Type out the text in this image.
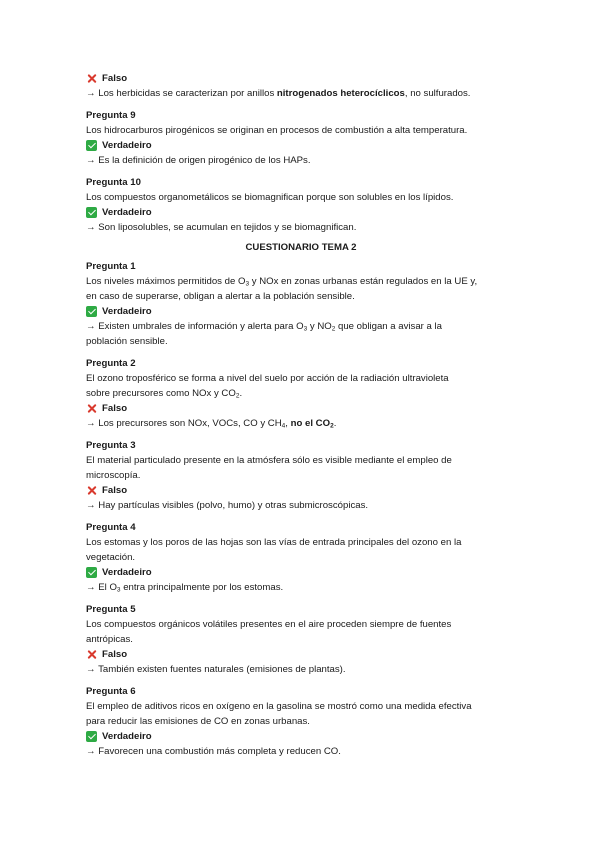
Falso
→ Los herbicidas se caracterizan por anillos nitrogenados heterocíclicos, no sulfurados.
Pregunta 9
Los hidrocarburos pirogénicos se originan en procesos de combustión a alta temperatura.
Verdadeiro
→ Es la definición de origen pirogénico de los HAPs.
Pregunta 10
Los compuestos organometálicos se biomagnifican porque son solubles en los lípidos.
Verdadeiro
→ Son liposolubles, se acumulan en tejidos y se biomagnifican.
CUESTIONARIO TEMA 2
Pregunta 1
Los niveles máximos permitidos de $O_3$ y NOx en zonas urbanas están regulados en la UE y,
en caso de superarse, obligan a alertar a la población sensible.
Verdadeiro
→ Existen umbrales de información y alerta para $O_3$ y $NO_2$ que obligan a avisar a la
población sensible.
Pregunta 2
El ozono troposférico se forma a nivel del suelo por acción de la radiación ultravioleta
sobre precursores como NOx y $CO_2$.
Falso
→ Los precursores son NOx, VOCs, CO y $CH_4$, no el $CO_2$.
Pregunta 3
El material particulado presente en la atmósfera sólo es visible mediante el empleo de
microscopía.
Falso
→ Hay partículas visibles (polvo, humo) y otras submicroscópicas.
Pregunta 4
Los estomas y los poros de las hojas son las vías de entrada principales del ozono en la
vegetación.
Verdadeiro
→ El $O_3$ entra principalmente por los estomas.
Pregunta 5
Los compuestos orgánicos volátiles presentes en el aire proceden siempre de fuentes
antrópicas.
Falso
→ También existen fuentes naturales (emisiones de plantas).
Pregunta 6
El empleo de aditivos ricos en oxígeno en la gasolina se mostró como una medida efectiva
para reducir las emisiones de CO en zonas urbanas.
Verdadeiro
→ Favorecen una combustión más completa y reducen CO.
